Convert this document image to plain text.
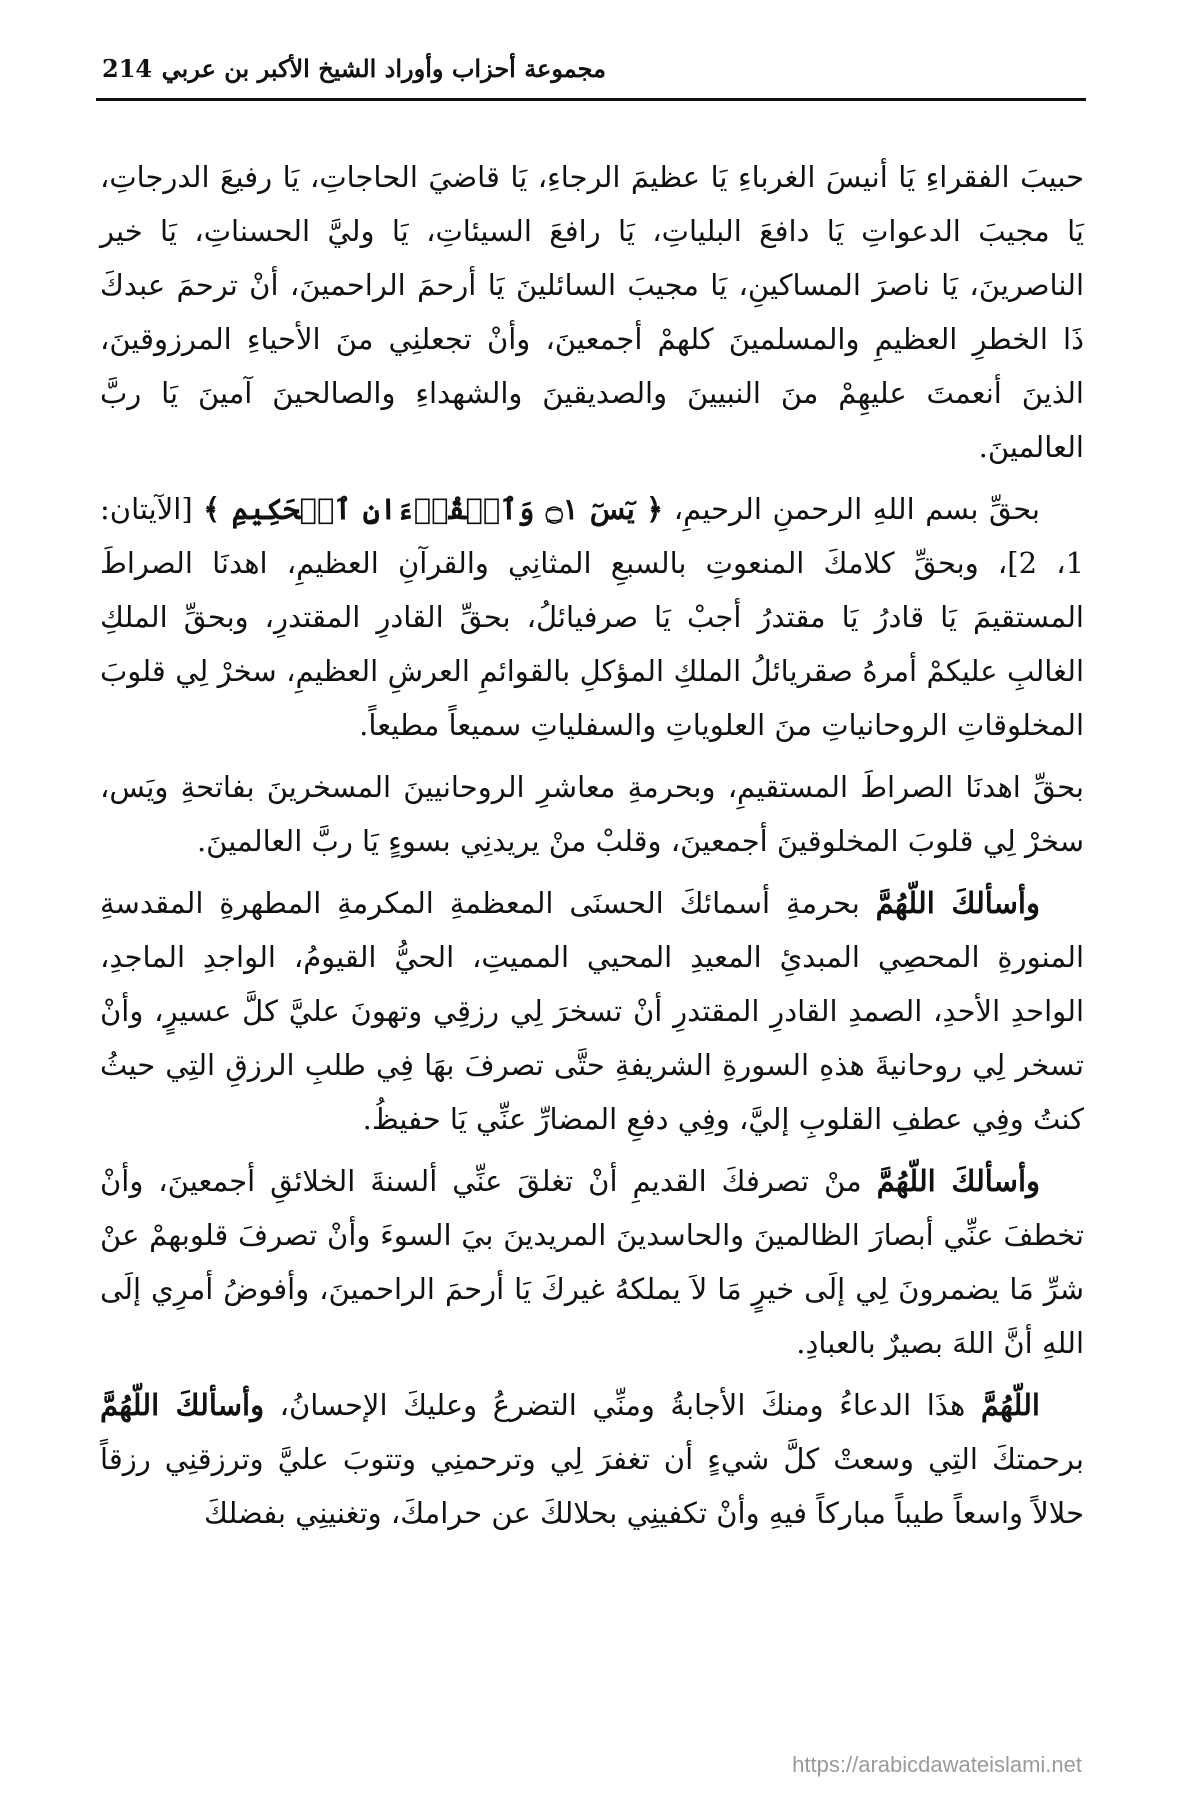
مجموعة أحزاب وأوراد الشيخ الأكبر بن عربي
214

حبيبَ الفقراءِ يَا أنيسَ الغرباءِ يَا عظيمَ الرجاءِ، يَا قاضيَ الحاجاتِ، يَا رفيعَ الدرجاتِ، يَا مجيبَ الدعواتِ يَا دافعَ البلياتِ، يَا رافعَ السيئاتِ، يَا وليَّ الحسناتِ، يَا خير الناصرينَ، يَا ناصرَ المساكينِ، يَا مجيبَ السائلينَ يَا أرحمَ الراحمينَ، أنْ ترحمَ عبدكَ ذَا الخطرِ العظيمِ والمسلمينَ كلهمْ أجمعينَ، وأنْ تجعلنِي منَ الأحياءِ المرزوقينَ، الذينَ أنعمتَ عليهِمْ منَ النبيينَ والصديقينَ والشهداءِ والصالحينَ آمينَ يَا ربَّ العالمينَ.

بحقِّ بسم اللهِ الرحمنِ الرحيمِ، ﴿ يٓسٓ ۝١ وَٱلۡقُرۡءَانِ ٱلۡحَكِيمِ ﴾ [الآيتان: 1، 2]، وبحقِّ كلامكَ المنعوتِ بالسبعِ المثانِي والقرآنِ العظيمِ، اهدنَا الصراطَ المستقيمَ يَا قادرُ يَا مقتدرُ أجبْ يَا صرفيائلُ، بحقِّ القادرِ المقتدرِ، وبحقِّ الملكِ الغالبِ عليكمْ أمرهُ صقريائلُ الملكِ المؤكلِ بالقوائمِ العرشِ العظيمِ، سخرْ لِي قلوبَ المخلوقاتِ الروحانياتِ منَ العلوياتِ والسفلياتِ سميعاً مطيعاً.

بحقِّ اهدنَا الصراطَ المستقيمِ، وبحرمةِ معاشرِ الروحانيينَ المسخرينَ بفاتحةِ ويَس، سخرْ لِي قلوبَ المخلوقينَ أجمعينَ، وقلبْ منْ يريدنِي بسوءٍ يَا ربَّ العالمينَ.

وأسألكَ اللّهُمَّ بحرمةِ أسمائكَ الحسنَى المعظمةِ المكرمةِ المطهرةِ المقدسةِ المنورةِ المحصِي المبدئِ المعيدِ المحيي المميتِ، الحيُّ القيومُ، الواجدِ الماجدِ، الواحدِ الأحدِ، الصمدِ القادرِ المقتدرِ أنْ تسخرَ لِي رزقِي وتهونَ عليَّ كلَّ عسيرٍ، وأنْ تسخر لِي روحانيةَ هذهِ السورةِ الشريفةِ حتَّى تصرفَ بهَا فِي طلبِ الرزقِ التِي حيثُ كنتُ وفِي عطفِ القلوبِ إليَّ، وفِي دفعِ المضارِّ عنِّي يَا حفيظُ.

وأسألكَ اللّهُمَّ منْ تصرفكَ القديمِ أنْ تغلقَ عنِّي ألسنةَ الخلائقِ أجمعينَ، وأنْ تخطفَ عنِّي أبصارَ الظالمينَ والحاسدينَ المريدينَ بيَ السوءَ وأنْ تصرفَ قلوبهمْ عنْ شرِّ مَا يضمرونَ لِي إلَى خيرٍ مَا لاَ يملكهُ غيركَ يَا أرحمَ الراحمينَ، وأفوضُ أمرِي إلَى اللهِ أنَّ اللهَ بصيرٌ بالعبادِ.

اللّهُمَّ هذَا الدعاءُ ومنكَ الأجابةُ ومنِّي التضرعُ وعليكَ الإحسانُ، وأسألكَ اللّهُمَّ برحمتكَ التِي وسعتْ كلَّ شيءٍ أن تغفرَ لِي وترحمنِي وتتوبَ عليَّ وترزقنِي رزقاً حلالاً واسعاً طيباً مباركاً فيهِ وأنْ تكفينِي بحلالكَ عن حرامكَ، وتغنينِي بفضلكَ

https://arabicdawateislami.net
